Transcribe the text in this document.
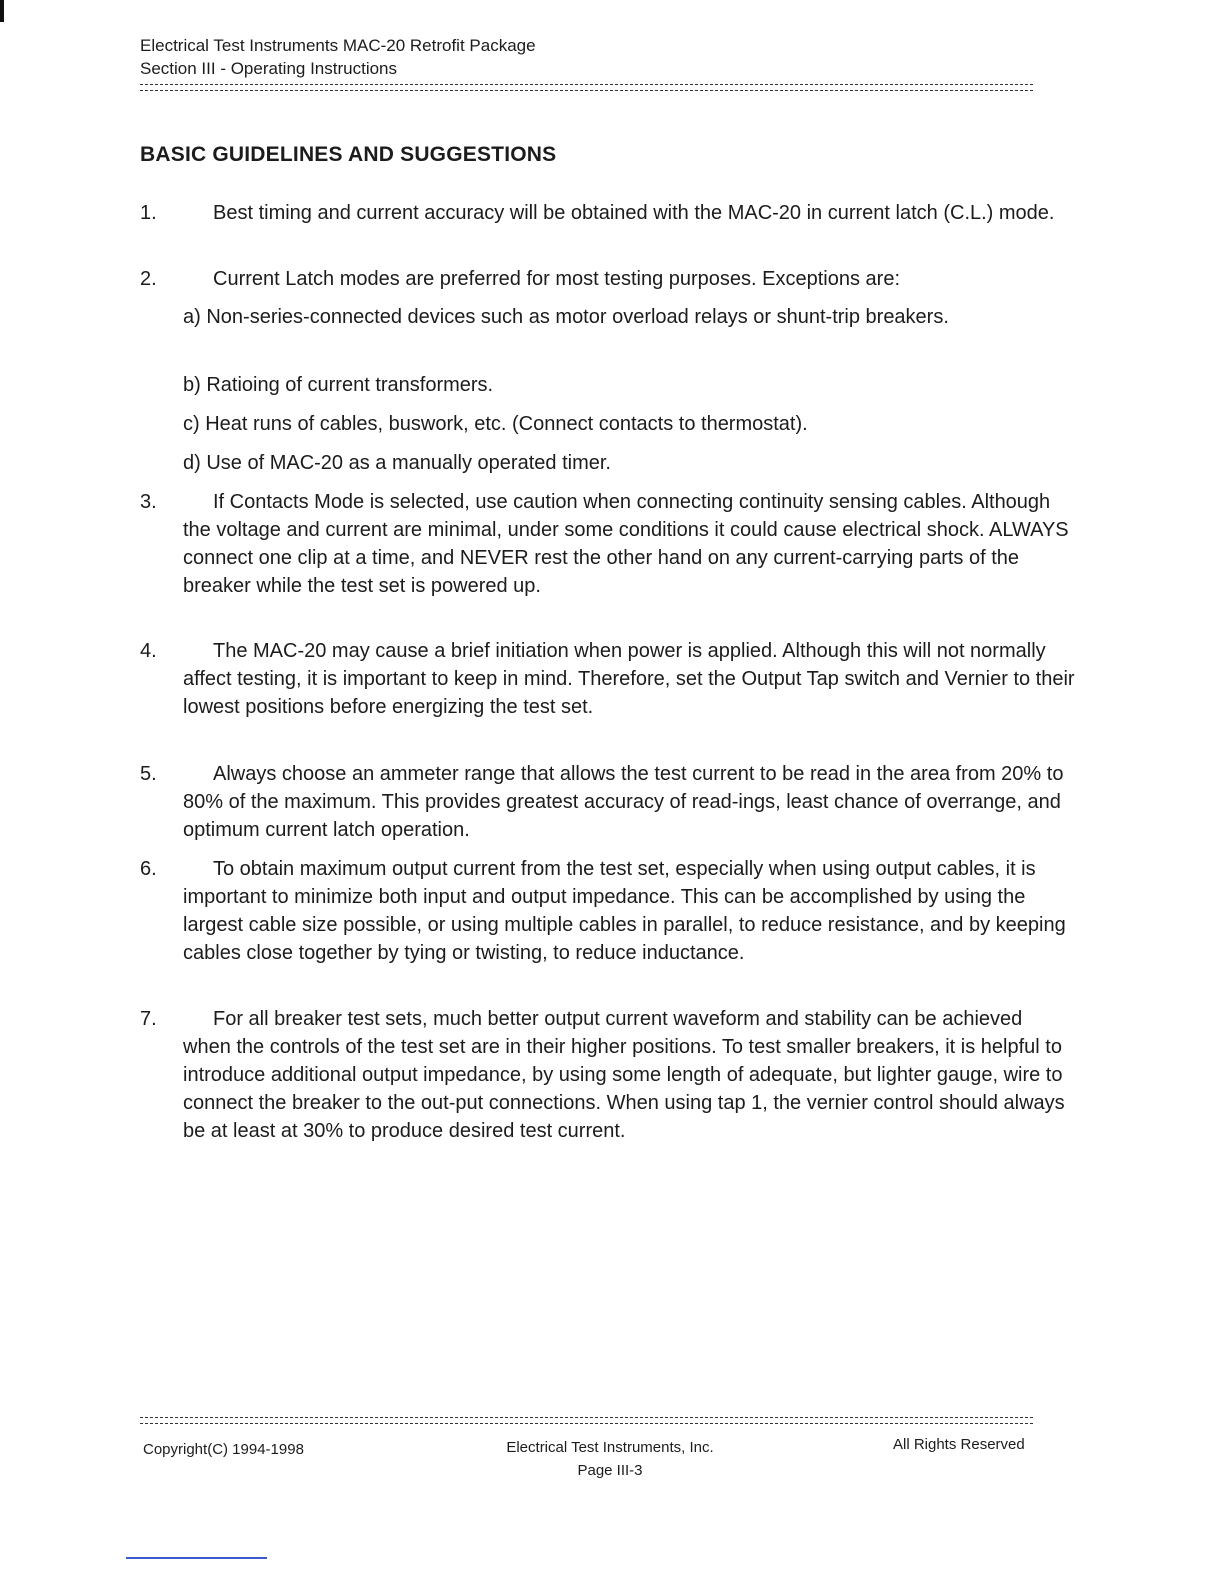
Electrical Test Instruments MAC-20 Retrofit Package
Section III - Operating Instructions
BASIC GUIDELINES AND SUGGESTIONS
1.	Best timing and current accuracy will be obtained with the MAC-20 in current latch (C.L.) mode.
2.	Current Latch modes are preferred for most testing purposes. Exceptions are:
a) Non-series-connected devices such as motor overload relays or shunt-trip breakers.
b) Ratioing of current transformers.
c) Heat runs of cables, buswork, etc. (Connect contacts to thermostat).
d) Use of MAC-20 as a manually operated timer.
3.	If Contacts Mode is selected, use caution when connecting continuity sensing cables. Although the voltage and current are minimal, under some conditions it could cause electrical shock. ALWAYS connect one clip at a time, and NEVER rest the other hand on any current-carrying parts of the breaker while the test set is powered up.
4.	The MAC-20 may cause a brief initiation when power is applied. Although this will not normally affect testing, it is important to keep in mind. Therefore, set the Output Tap switch and Vernier to their lowest positions before energizing the test set.
5.	Always choose an ammeter range that allows the test current to be read in the area from 20% to 80% of the maximum. This provides greatest accuracy of read-ings, least chance of overrange, and optimum current latch operation.
6.	To obtain maximum output current from the test set, especially when using output cables, it is important to minimize both input and output impedance. This can be accomplished by using the largest cable size possible, or using multiple cables in parallel, to reduce resistance, and by keeping cables close together by tying or twisting, to reduce inductance.
7.	For all breaker test sets, much better output current waveform and stability can be achieved when the controls of the test set are in their higher positions. To test smaller breakers, it is helpful to introduce additional output impedance, by using some length of adequate, but lighter gauge, wire to connect the breaker to the out-put connections. When using tap 1, the vernier control should always be at least at 30% to produce desired test current.
Copyright(C) 1994-1998	Electrical Test Instruments, Inc.
Page III-3
All Rights Reserved
